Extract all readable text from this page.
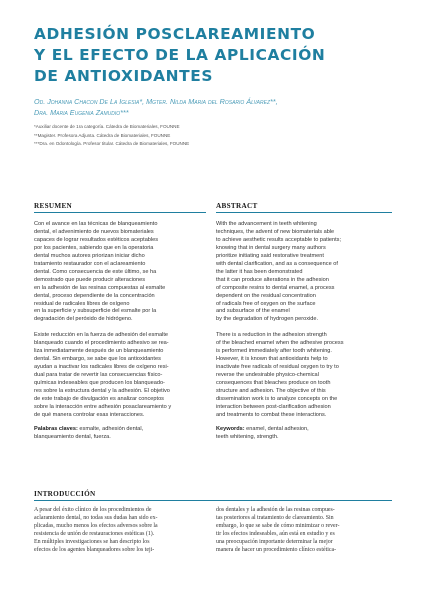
ADHESIÓN POSCLAREAMIENTO
Y EL EFECTO DE LA APLICACIÓN
DE ANTIOXIDANTES
Od. Johanna Chacon De La Iglesia*, Mgter. Nilda Maria del Rosario Álvarez**,
Dra. Maria Eugenia Zamudio***
*Auxiliar docente de 1ra categoría. Cátedra de Biomateriales, FOUNNE
**Magister. Profesora Adjunta. Cátedra de Biomateriales, FOUNNE
***Dra. en Odontología. Profesor titular. Cátedra de Biomateriales, FOUNNE
RESUMEN
Con el avance en las técnicas de blanqueamiento
dental, el advenimiento de nuevos biomateriales
capaces de lograr resultados estéticos aceptables
por los pacientes, sabiendo que en la operatoria
dental muchos autores priorizan iniciar dicho
tratamiento restaurador con el aclareamiento
dental. Como consecuencia de este último, se ha
demostrado que puede producir alteraciones
en la adhesión de las resinas compuestas al esmalte
dental, proceso dependiente de la concentración
residual de radicales libres de oxígeno
en la superficie y subsuperficie del esmalte por la
degradación del peróxido de hidrógeno.
Existe reducción en la fuerza de adhesión del esmalte
blanqueado cuando el procedimiento adhesivo se rea-
liza inmediatamente después de un blanqueamiento
dental. Sin embargo, se sabe que los antioxidantes
ayudan a inactivar los radicales libres de oxígeno resi-
dual para tratar de revertir las consecuencias físico-
químicas indeseables que producen los blanqueado-
res sobre la estructura dental y la adhesión. El objetivo
de este trabajo de divulgación es analizar conceptos
sobre la interacción entre adhesión posaclareamiento y
de qué manera controlar esas interacciones.
Palabras claves: esmalte, adhesión dental,
blanqueamiento dental, fuerza.
ABSTRACT
With the advancement in teeth whitening
techniques, the advent of new biomaterials able
to achieve aesthetic results acceptable to patients;
knowing that in dental surgery many authors
prioritize initiating said restorative treatment
with dental clarification, and as a consequence of
the latter it has been demonstrated
that it can produce alterations in the adhesion
of composite resins to dental enamel, a process
dependent on the residual concentration
of radicals free of oxygen on the surface
and subsurface of the enamel
by the degradation of hydrogen peroxide.
There is a reduction in the adhesion strength
of the bleached enamel when the adhesive process
is performed immediately after tooth whitening.
However, it is known that antioxidants help to
inactivate free radicals of residual oxygen to try to
reverse the undesirable physico-chemical
consequences that bleaches produce on tooth
structure and adhesion. The objective of this
dissemination work is to analyze concepts on the
interaction between post-clarification adhesion
and treatments to combat these interactions.
Keywords: enamel, dental adhesion,
teeth whitening, strength.
INTRODUCCIÓN
A pesar del éxito clínico de los procedimientos de
aclaramiento dental, no todas sus dudas han sido ex-
plicadas, mucho menos los efectos adversos sobre la
resistencia de unión de restauraciones estéticas (1).
En múltiples investigaciones se han descripto los
efectos de los agentes blanqueadores sobre los teji-
dos dentales y la adhesión de las resinas compues-
tas posteriores al tratamiento de clareamiento. Sin
embargo, lo que se sabe de cómo minimizar o rever-
tir los efectos indeseables, aún está en estudio y es
una preocupación importante determinar la mejor
manera de hacer un procedimiento clínico estética-
